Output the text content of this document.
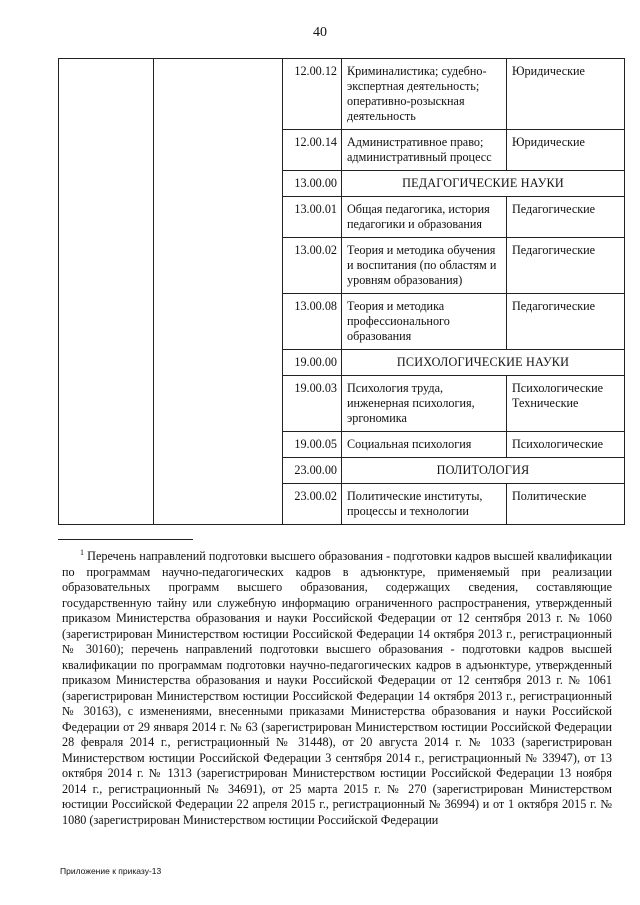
40
		12.00.12	Криминалистика; судебно-экспертная деятельность; оперативно-розыскная деятельность	Юридические
		12.00.14	Административное право; административный процесс	Юридические
		13.00.00	ПЕДАГОГИЧЕСКИЕ НАУКИ	
		13.00.01	Общая педагогика, история педагогики и образования	Педагогические
		13.00.02	Теория и методика обучения и воспитания (по областям и уровням образования)	Педагогические
		13.00.08	Теория и методика профессионального образования	Педагогические
		19.00.00	ПСИХОЛОГИЧЕСКИЕ НАУКИ	
		19.00.03	Психология труда, инженерная психология, эргономика	Психологические Технические
		19.00.05	Социальная психология	Психологические
		23.00.00	ПОЛИТОЛОГИЯ	
		23.00.02	Политические институты, процессы и технологии	Политические
$^1$ Перечень направлений подготовки высшего образования - подготовки кадров высшей квалификации по программам научно-педагогических кадров в адъюнктуре, применяемый при реализации образовательных программ высшего образования, содержащих сведения, составляющие государственную тайну или служебную информацию ограниченного распространения, утвержденный приказом Министерства образования и науки Российской Федерации от 12 сентября 2013 г. № 1060 (зарегистрирован Министерством юстиции Российской Федерации 14 октября 2013 г., регистрационный № 30160); перечень направлений подготовки высшего образования - подготовки кадров высшей квалификации по программам подготовки научно-педагогических кадров в адъюнктуре, утвержденный приказом Министерства образования и науки Российской Федерации от 12 сентября 2013 г. № 1061 (зарегистрирован Министерством юстиции Российской Федерации 14 октября 2013 г., регистрационный № 30163), с изменениями, внесенными приказами Министерства образования и науки Российской Федерации от 29 января 2014 г. № 63 (зарегистрирован Министерством юстиции Российской Федерации 28 февраля 2014 г., регистрационный № 31448), от 20 августа 2014 г. № 1033 (зарегистрирован Министерством юстиции Российской Федерации 3 сентября 2014 г., регистрационный № 33947), от 13 октября 2014 г. № 1313 (зарегистрирован Министерством юстиции Российской Федерации 13 ноября 2014 г., регистрационный № 34691), от 25 марта 2015 г. № 270 (зарегистрирован Министерством юстиции Российской Федерации 22 апреля 2015 г., регистрационный № 36994) и от 1 октября 2015 г. № 1080 (зарегистрирован Министерством юстиции Российской Федерации
Приложение к приказу-13
